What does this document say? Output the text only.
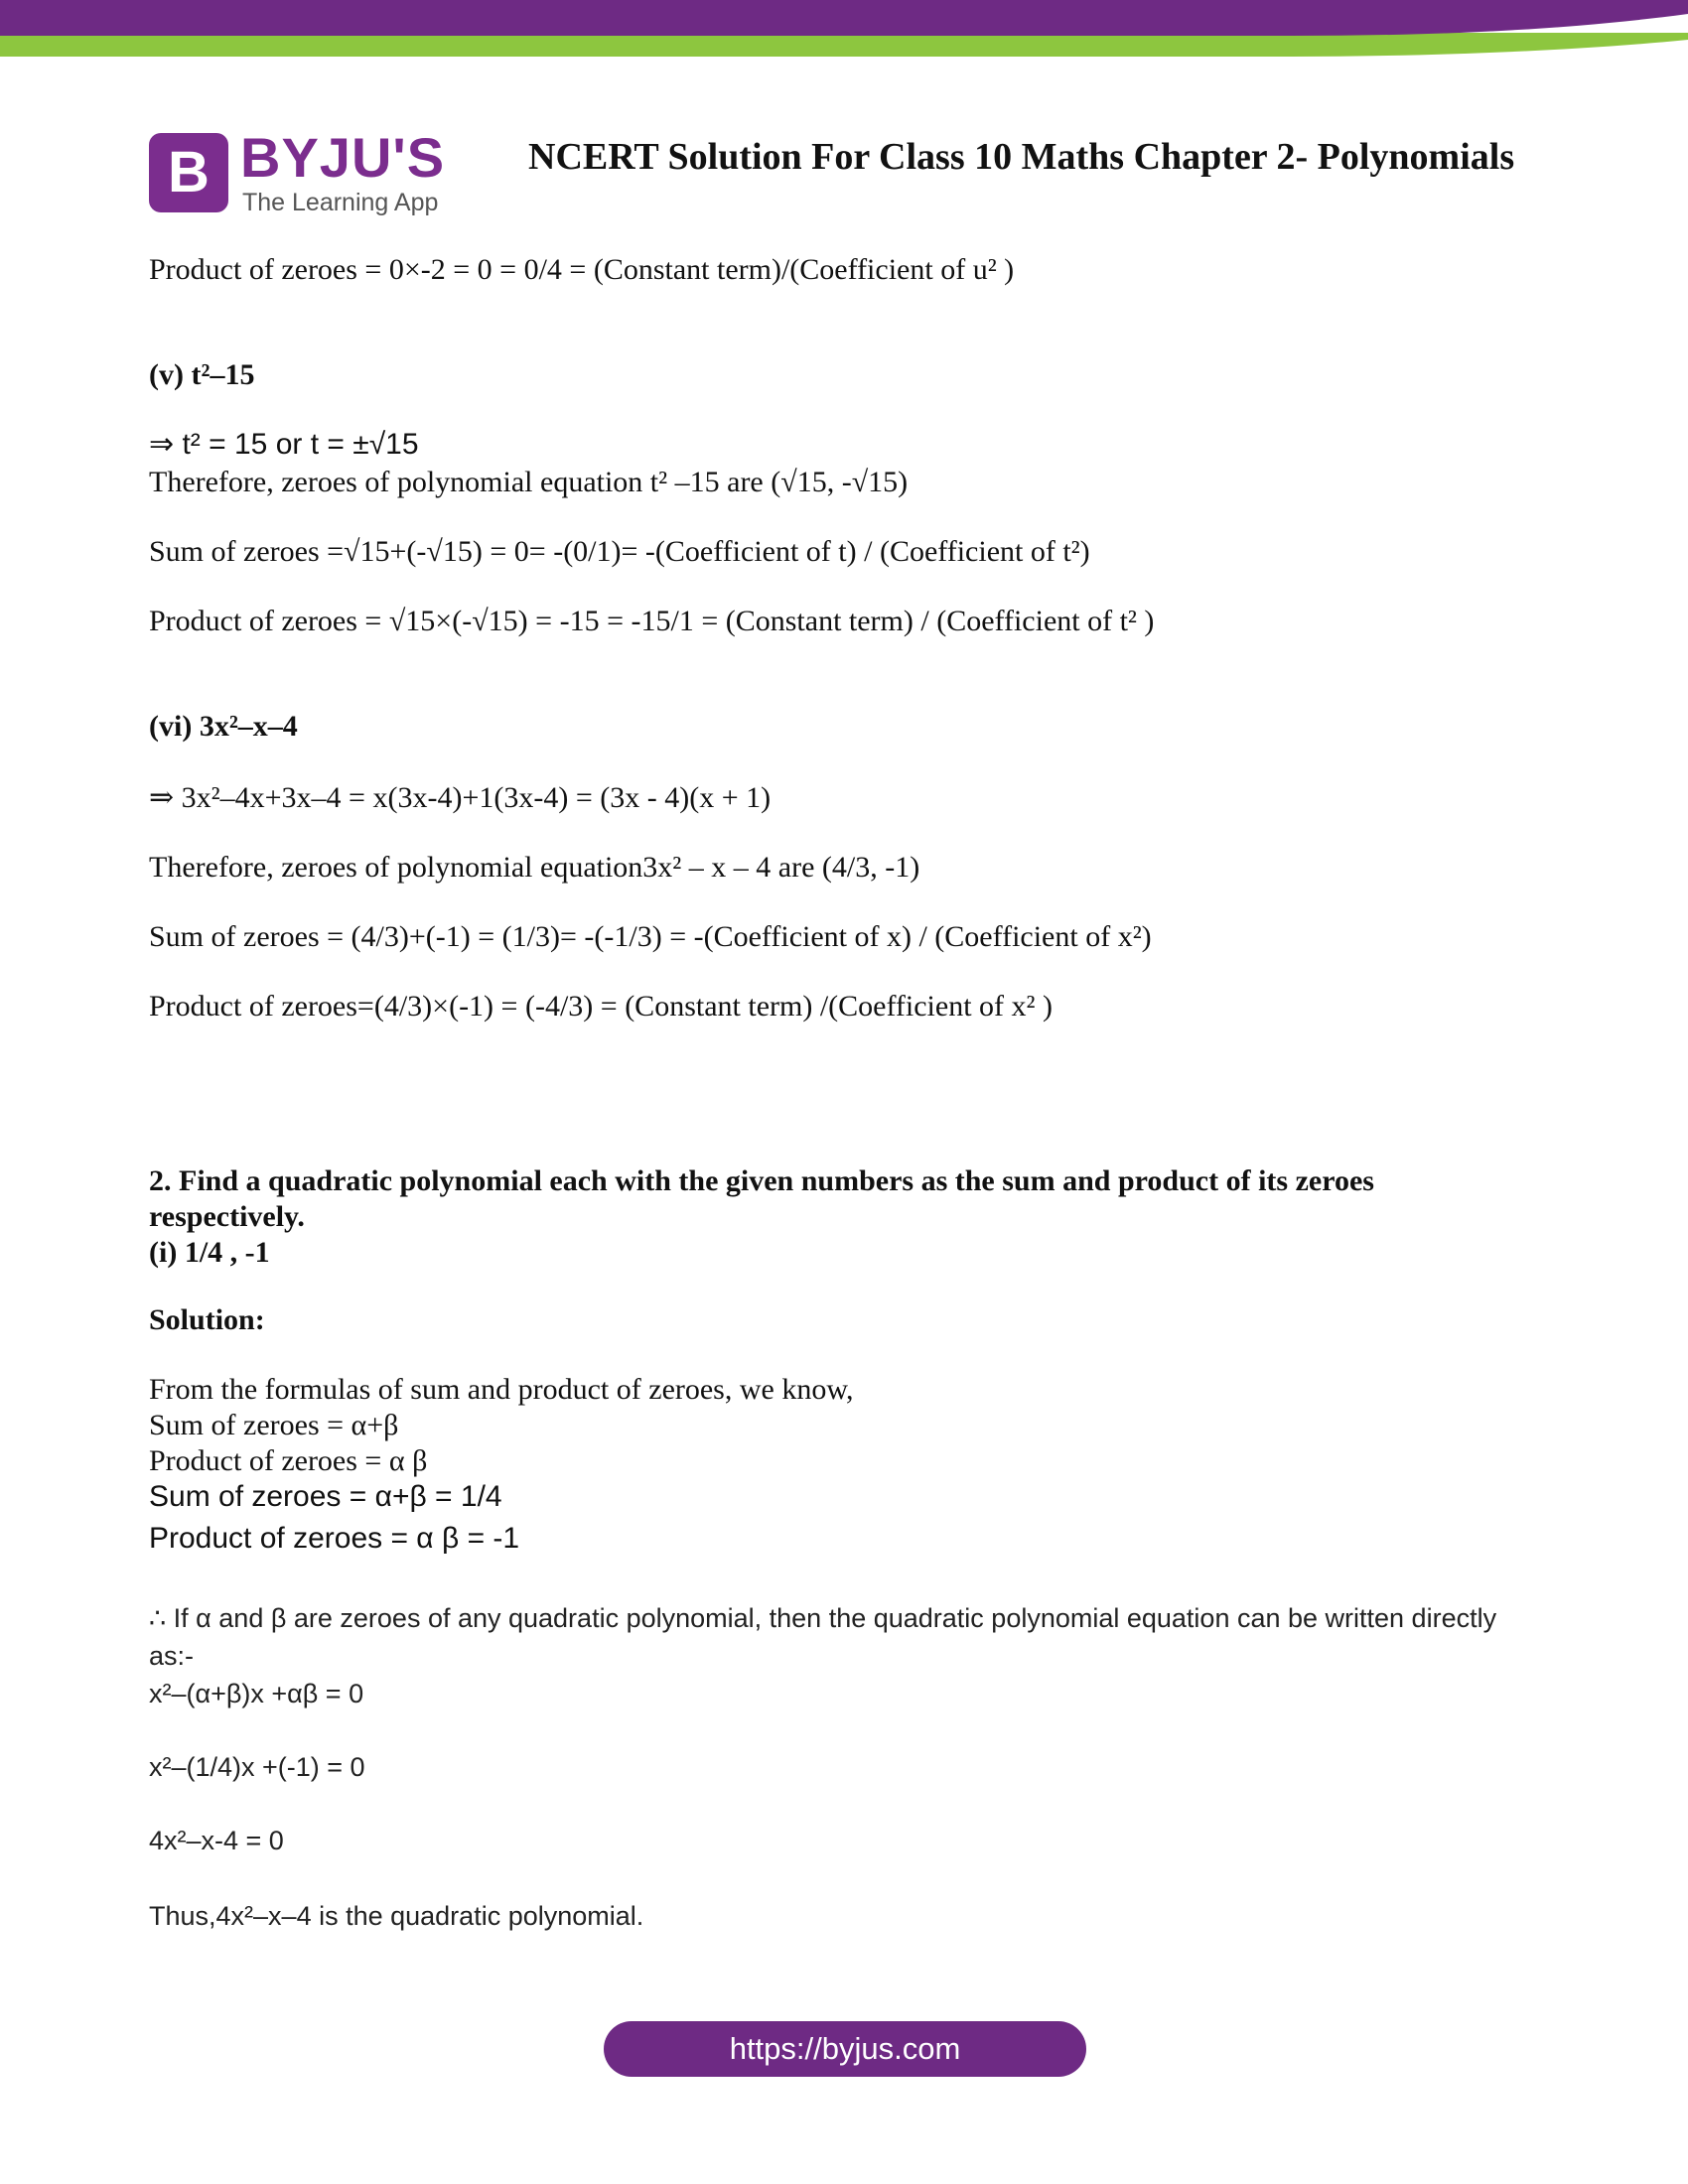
B BYJU'S
The Learning App
NCERT Solution For Class 10 Maths Chapter 2- Polynomials
Product of zeroes = 0×-2 = 0 = 0/4 = (Constant term)/(Coefficient of u² )
(v) t²–15
⇒ t² = 15 or t = ±√15
Therefore, zeroes of polynomial equation t² –15 are (√15, -√15)
Sum of zeroes =√15+(-√15) = 0= -(0/1)= -(Coefficient of t) / (Coefficient of t²)
Product of zeroes = √15×(-√15) = -15 = -15/1 = (Constant term) / (Coefficient of t² )
(vi) 3x²–x–4
⇒ 3x²–4x+3x–4 = x(3x-4)+1(3x-4) = (3x - 4)(x + 1)
Therefore, zeroes of polynomial equation3x² – x – 4 are (4/3, -1)
Sum of zeroes = (4/3)+(-1) = (1/3)= -(-1/3) = -(Coefficient of x) / (Coefficient of x²)
Product of zeroes=(4/3)×(-1) = (-4/3) = (Constant term) /(Coefficient of x² )
2. Find a quadratic polynomial each with the given numbers as the sum and product of its zeroes
respectively.
(i) 1/4 , -1
Solution:
From the formulas of sum and product of zeroes, we know,
Sum of zeroes = α+β
Product of zeroes = α β
Sum of zeroes = α+β = 1/4
Product of zeroes = α β = -1
∴ If α and β are zeroes of any quadratic polynomial, then the quadratic polynomial equation can be written directly
as:-
x²–(α+β)x +αβ = 0
x²–(1/4)x +(-1) = 0
4x²–x-4 = 0
Thus,4x²–x–4 is the quadratic polynomial.
https://byjus.com
